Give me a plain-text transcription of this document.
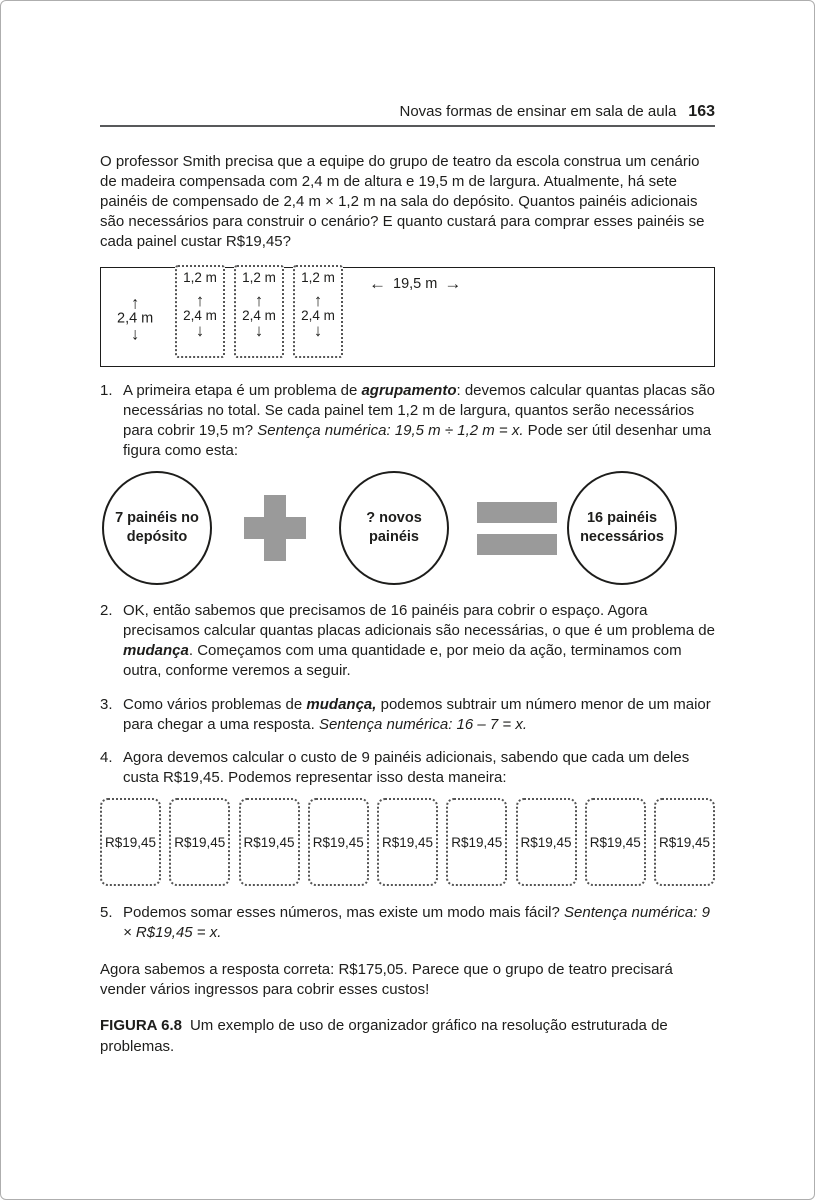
Novas formas de ensinar em sala de aula 163

O professor Smith precisa que a equipe do grupo de teatro da escola construa um cenário de madeira compensada com 2,4 m de altura e 19,5 m de largura. Atualmente, há sete painéis de compensado de 2,4 m × 1,2 m na sala do depósito. Quantos painéis adicionais são necessários para construir o cenário? E quanto custará para comprar esses painéis se cada painel custar R$19,45?

↑
2,4 m
↓
1,2 m
↑
2,4 m
↓
1,2 m
↑
2,4 m
↓
1,2 m
↑
2,4 m
↓
← 19,5 m →
1. A primeira etapa é um problema de agrupamento: devemos calcular quantas placas são necessárias no total. Se cada painel tem 1,2 m de largura, quantos serão necessários para cobrir 19,5 m? Sentença numérica: 19,5 m ÷ 1,2 m = x. Pode ser útil desenhar uma figura como esta:
7 painéis no depósito
? novos painéis
16 painéis necessários
2. OK, então sabemos que precisamos de 16 painéis para cobrir o espaço. Agora precisamos calcular quantas placas adicionais são necessárias, o que é um problema de mudança. Começamos com uma quantidade e, por meio da ação, terminamos com outra, conforme veremos a seguir.
3. Como vários problemas de mudança, podemos subtrair um número menor de um maior para chegar a uma resposta. Sentença numérica: 16 – 7 = x.
4. Agora devemos calcular o custo de 9 painéis adicionais, sabendo que cada um deles custa R$19,45. Podemos representar isso desta maneira:
R$19,45	R$19,45	R$19,45	R$19,45	R$19,45	R$19,45	R$19,45	R$19,45	R$19,45
5. Podemos somar esses números, mas existe um modo mais fácil? Sentença numérica: 9 × R$19,45 = x.

Agora sabemos a resposta correta: R$175,05. Parece que o grupo de teatro precisará vender vários ingressos para cobrir esses custos!

FIGURA 6.8 Um exemplo de uso de organizador gráfico na resolução estruturada de problemas.
